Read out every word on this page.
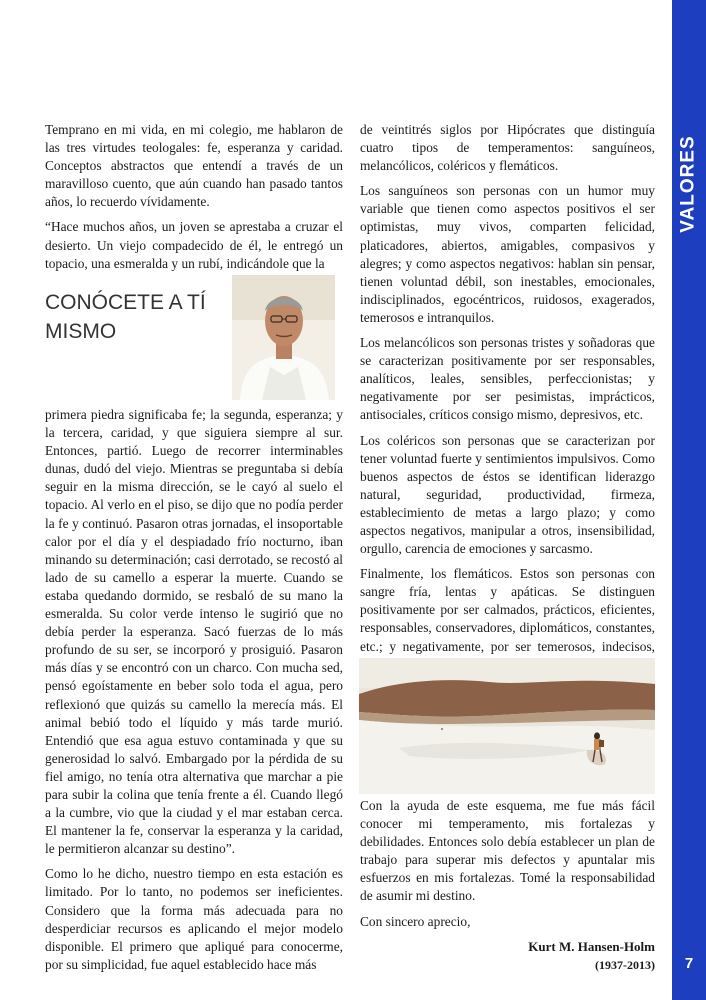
Temprano en mi vida, en mi colegio, me hablaron de las tres virtudes teologales: fe, esperanza y caridad. Conceptos abstractos que entendí a través de un maravilloso cuento, que aún cuando han pasado tantos años, lo recuerdo vívidamente.

“Hace muchos años, un joven se aprestaba a cruzar el desierto. Un viejo compadecido de él, le entregó un topacio, una esmeralda y un rubí, indicándole que la

CONÓCETE A TÍ
MISMO

primera piedra significaba fe; la segunda, esperanza; y la tercera, caridad, y que siguiera siempre al sur. Entonces, partió. Luego de recorrer interminables dunas, dudó del viejo. Mientras se preguntaba si debía seguir en la misma dirección, se le cayó al suelo el topacio. Al verlo en el piso, se dijo que no podía perder la fe y continuó. Pasaron otras jornadas, el insoportable calor por el día y el despiadado frío nocturno, iban minando su determinación; casi derrotado, se recostó al lado de su camello a esperar la muerte. Cuando se estaba quedando dormido, se resbaló de su mano la esmeralda. Su color verde intenso le sugirió que no debía perder la esperanza. Sacó fuerzas de lo más profundo de su ser, se incorporó y prosiguió. Pasaron más días y se encontró con un charco. Con mucha sed, pensó egoístamente en beber solo toda el agua, pero reflexionó que quizás su camello la merecía más. El animal bebió todo el líquido y más tarde murió. Entendió que esa agua estuvo contaminada y que su generosidad lo salvó. Embargado por la pérdida de su fiel amigo, no tenía otra alternativa que marchar a pie para subir la colina que tenía frente a él. Cuando llegó a la cumbre, vio que la ciudad y el mar estaban cerca. El mantener la fe, conservar la esperanza y la caridad, le permitieron alcanzar su destino”.

Como lo he dicho, nuestro tiempo en esta estación es limitado. Por lo tanto, no podemos ser ineficientes. Considero que la forma más adecuada para no desperdiciar recursos es aplicando el mejor modelo disponible. El primero que apliqué para conocerme, por su simplicidad, fue aquel establecido hace más

de veintitrés siglos por Hipócrates que distinguía cuatro tipos de temperamentos: sanguíneos, melancólicos, coléricos y flemáticos.

Los sanguíneos son personas con un humor muy variable que tienen como aspectos positivos el ser optimistas, muy vivos, comparten felicidad, platicadores, abiertos, amigables, compasivos y alegres; y como aspectos negativos: hablan sin pensar, tienen voluntad débil, son inestables, emocionales, indisciplinados, egocéntricos, ruidosos, exagerados, temerosos e intranquilos.

Los melancólicos son personas tristes y soñadoras que se caracterizan positivamente por ser responsables, analíticos, leales, sensibles, perfeccionistas; y negativamente por ser pesimistas, imprácticos, antisociales, críticos consigo mismo, depresivos, etc.

Los coléricos son personas que se caracterizan por tener voluntad fuerte y sentimientos impulsivos. Como buenos aspectos de éstos se identifican liderazgo natural, seguridad, productividad, firmeza, establecimiento de metas a largo plazo; y como aspectos negativos, manipular a otros, insensibilidad, orgullo, carencia de emociones y sarcasmo.

Finalmente, los flemáticos. Estos son personas con sangre fría, lentas y apáticas. Se distinguen positivamente por ser calmados, prácticos, eficientes, responsables, conservadores, diplomáticos, constantes, etc.; y negativamente, por ser temerosos, indecisos,

Con la ayuda de este esquema, me fue más fácil conocer mi temperamento, mis fortalezas y debilidades. Entonces solo debía establecer un plan de trabajo para superar mis defectos y apuntalar mis esfuerzos en mis fortalezas. Tomé la responsabilidad de asumir mi destino.

Con sincero aprecio,

Kurt M. Hansen-Holm
(1937-2013)
VALORES
7
